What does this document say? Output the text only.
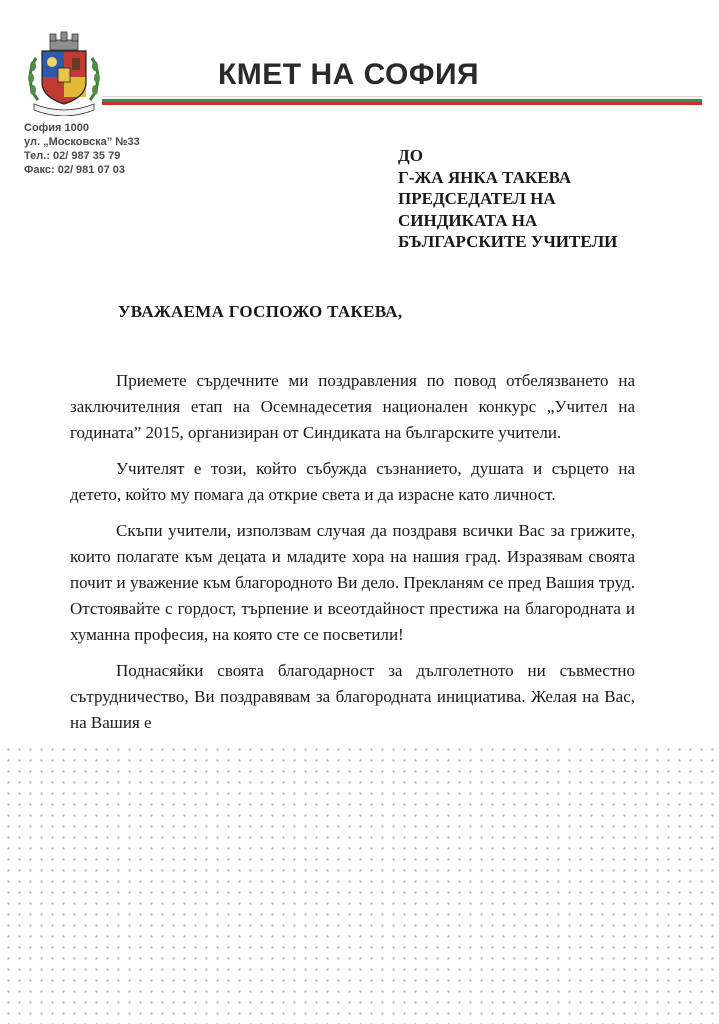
КМЕТ НА СОФИЯ
София 1000
ул. „Московска” №33
Тел.: 02/ 987 35 79
Факс: 02/ 981 07 03
ДО
Г-ЖА ЯНКА ТАКЕВА
ПРЕДСЕДАТЕЛ НА
СИНДИКАТА НА
БЪЛГАРСКИТЕ УЧИТЕЛИ
УВАЖАЕМА ГОСПОЖО ТАКЕВА,

Приемете сърдечните ми поздравления по повод отбелязването на заключителния етап на Осемнадесетия национален конкурс „Учител на годината” 2015, организиран от Синдиката на българските учители.

Учителят е този, който събужда съзнанието, душата и сърцето на детето, който му помага да открие света и да израсне като личност.

Скъпи учители, използвам случая да поздравя всички Вас за грижите, които полагате към децата и младите хора на нашия град. Изразявам своята почит и уважение към благородното Ви дело. Прекланям се пред Вашия труд. Отстоявайте с гордост, търпение и всеотдайност престижа на благородната и хуманна професия, на която сте се посветили!

Поднасяйки своята благодарност за дълголетното ни съвместно сътрудничество, Ви поздравявам за благородната инициатива. Желая на Вас, на Вашия е
